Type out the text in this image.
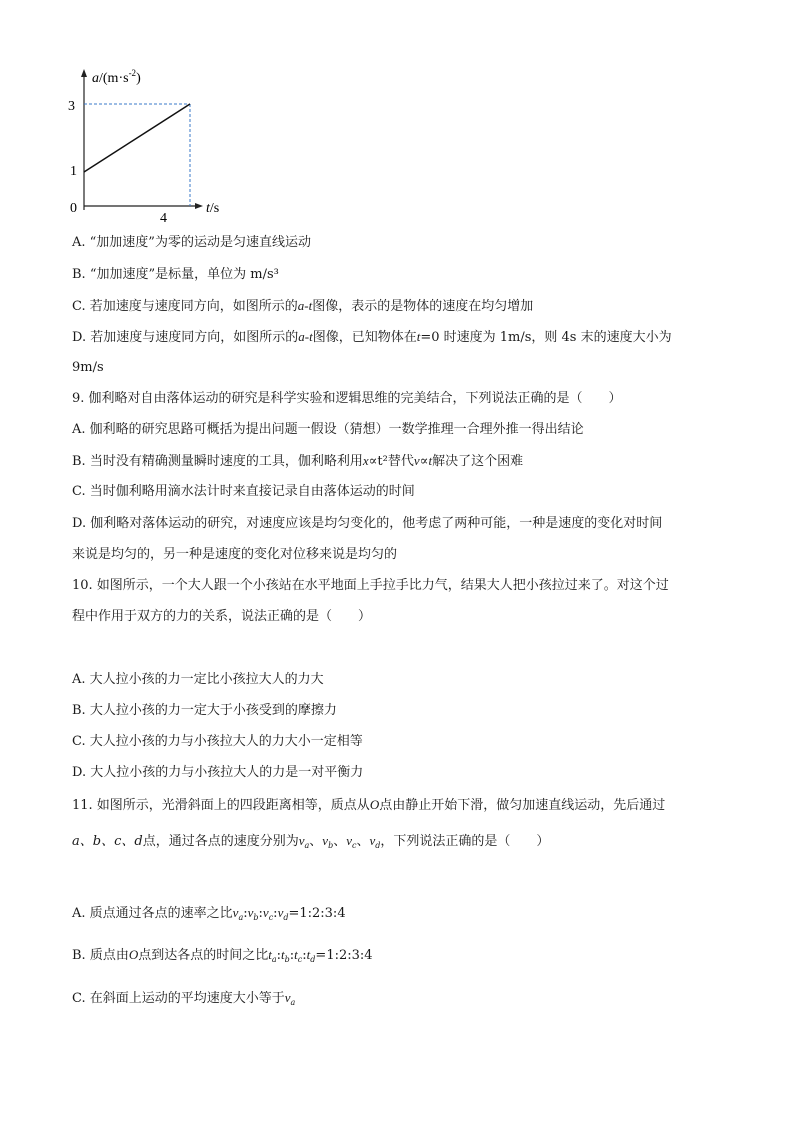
3
1
0
4
$a/(m\cdot s^{-2})$
t/s
A. “加加速度”为零的运动是匀速直线运动
B. “加加速度”是标量，单位为 m/s³
C. 若加速度与速度同方向，如图所示的a-t图像，表示的是物体的速度在均匀增加
D. 若加速度与速度同方向，如图所示的a-t图像，已知物体在t=0 时速度为 1m/s，则 4s 末的速度大小为
9m/s
9. 伽利略对自由落体运动的研究是科学实验和逻辑思维的完美结合，下列说法正确的是（　　）
A. 伽利略的研究思路可概括为提出问题一假设（猜想）一数学推理一合理外推一得出结论
B. 当时没有精确测量瞬时速度的工具，伽利略利用x∝t²替代v∝t解决了这个困难
C. 当时伽利略用滴水法计时来直接记录自由落体运动的时间
D. 伽利略对落体运动的研究，对速度应该是均匀变化的，他考虑了两种可能，一种是速度的变化对时间
来说是均匀的，另一种是速度的变化对位移来说是均匀的
10. 如图所示，一个大人跟一个小孩站在水平地面上手拉手比力气，结果大人把小孩拉过来了。对这个过
程中作用于双方的力的关系，说法正确的是（　　）
A. 大人拉小孩的力一定比小孩拉大人的力大
B. 大人拉小孩的力一定大于小孩受到的摩擦力
C. 大人拉小孩的力与小孩拉大人的力大小一定相等
D. 大人拉小孩的力与小孩拉大人的力是一对平衡力
11. 如图所示，光滑斜面上的四段距离相等，质点从O点由静止开始下滑，做匀加速直线运动，先后通过
a、b、c、d点，通过各点的速度分别为$v_a$、$v_b$、$v_c$、$v_d$，下列说法正确的是（　　）
A. 质点通过各点的速率之比$v_a:v_b:v_c:v_d=1:2:3:4$
B. 质点由O点到达各点的时间之比$t_a:t_b:t_c:t_d=1:2:3:4$
C. 在斜面上运动的平均速度大小等于$v_a$
